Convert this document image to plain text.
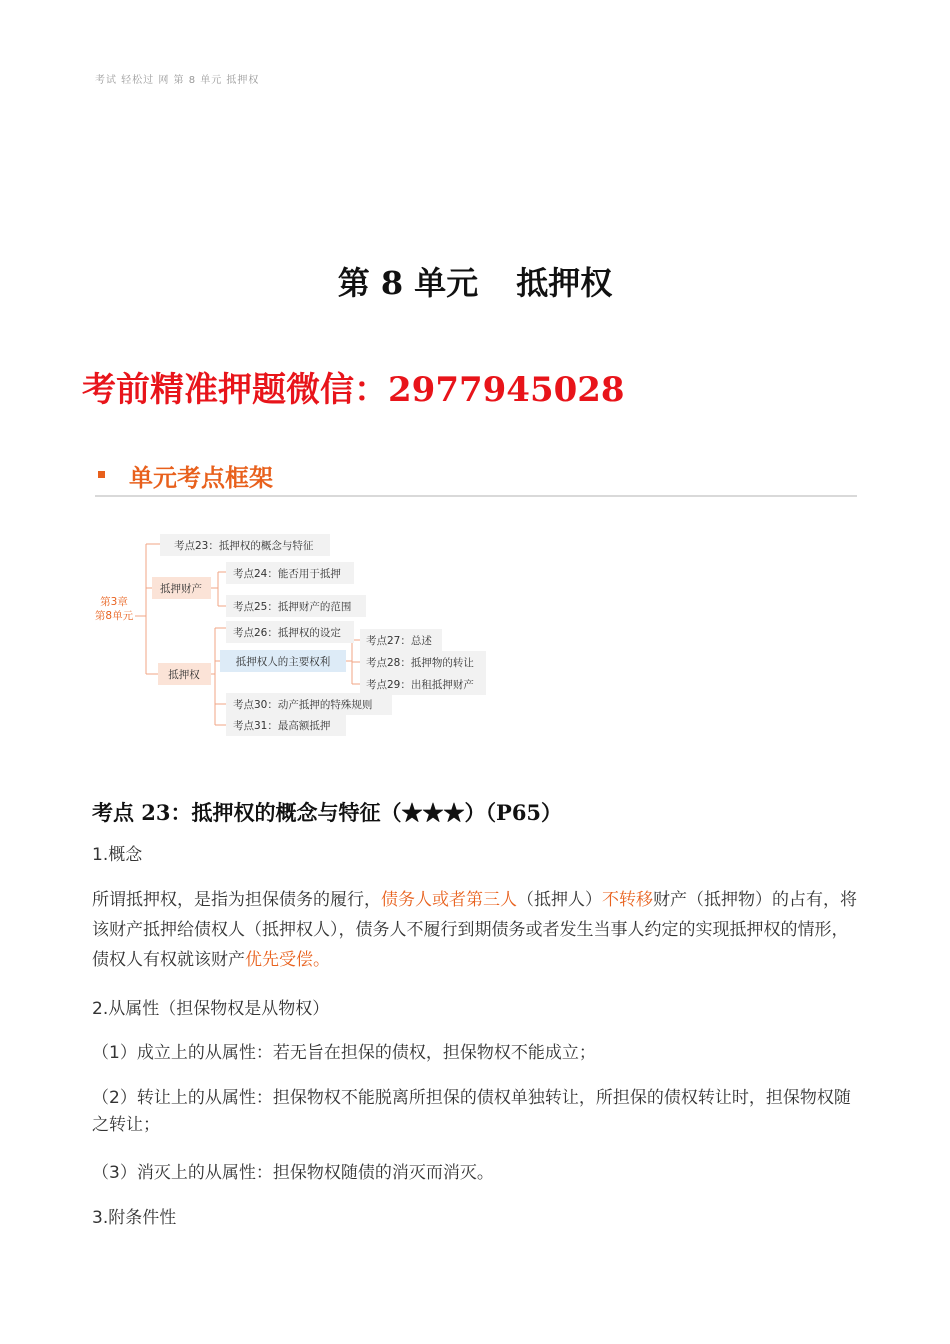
考试 轻松过 网 第 8 单元 抵押权
第 8 单元 抵押权
考前精准押题微信：2977945028
单元考点框架
第3章
第8单元
考点23：抵押权的概念与特征
抵押财产
考点24：能否用于抵押
考点25：抵押财产的范围
抵押权
考点26：抵押权的设定
抵押权人的主要权利
考点27：总述
考点28：抵押物的转让
考点29：出租抵押财产
考点30：动产抵押的特殊规则
考点31：最高额抵押
考点 23：抵押权的概念与特征（★★★）（P65）
1.概念
所谓抵押权，是指为担保债务的履行，债务人或者第三人（抵押人）不转移财产（抵押物）的占有，将该财产抵押给债权人（抵押权人），债务人不履行到期债务或者发生当事人约定的实现抵押权的情形，债权人有权就该财产优先受偿。
2.从属性（担保物权是从物权）
（1）成立上的从属性：若无旨在担保的债权，担保物权不能成立；
（2）转让上的从属性：担保物权不能脱离所担保的债权单独转让，所担保的债权转让时，担保物权随之转让；
（3）消灭上的从属性：担保物权随债的消灭而消灭。
3.附条件性
